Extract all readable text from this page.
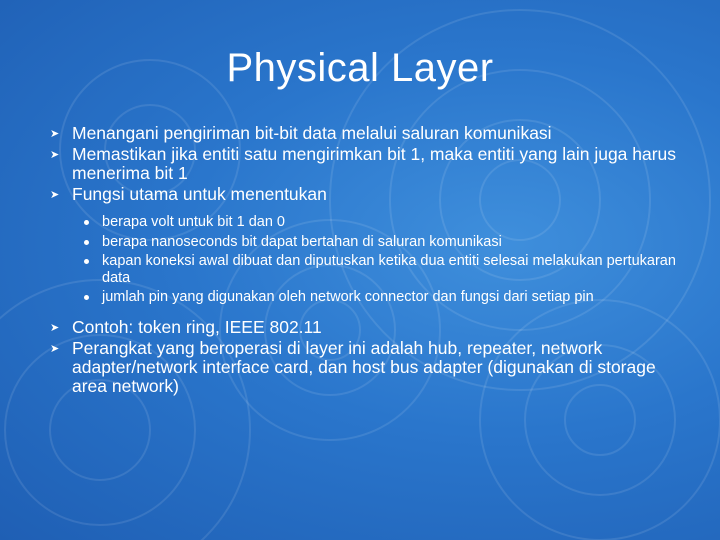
Physical Layer
➤ Menangani pengiriman bit-bit data melalui saluran komunikasi
➤ Memastikan jika entiti satu mengirimkan bit 1, maka entiti yang lain juga harus menerima bit 1
➤ Fungsi utama untuk menentukan
berapa volt untuk bit 1 dan 0
berapa nanoseconds bit dapat bertahan di saluran komunikasi
kapan koneksi awal dibuat dan diputuskan ketika dua entiti selesai melakukan pertukaran data
jumlah pin yang digunakan oleh network connector dan fungsi dari setiap pin
➤ Contoh: token ring, IEEE 802.11
➤ Perangkat yang beroperasi di layer ini adalah hub, repeater, network adapter/network interface card, dan host bus adapter (digunakan di storage area network)
